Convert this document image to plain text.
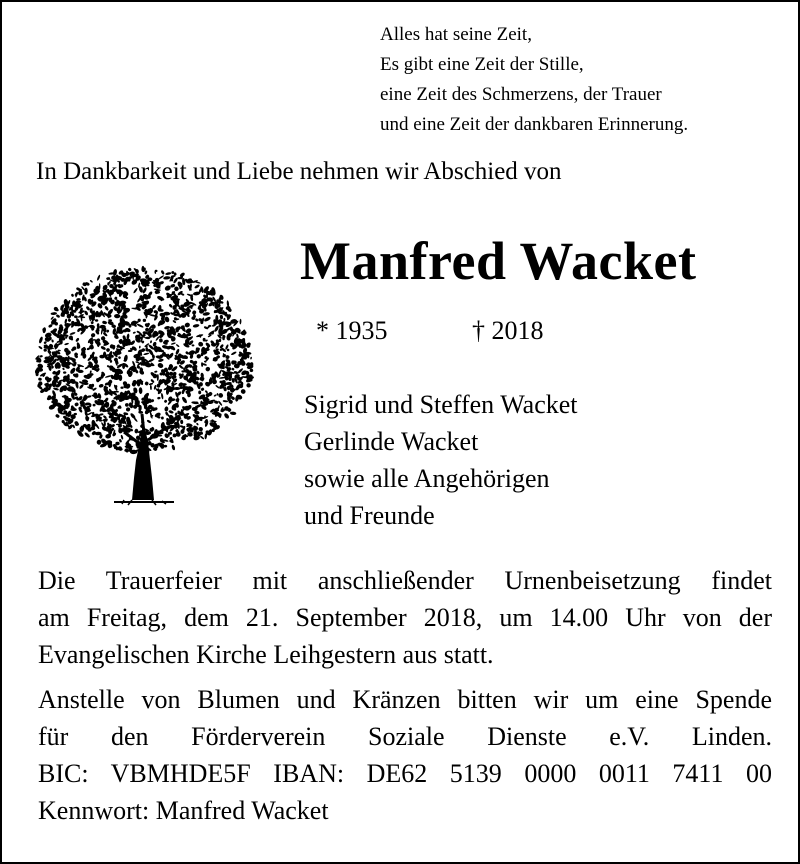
Alles hat seine Zeit,
Es gibt eine Zeit der Stille,
eine Zeit des Schmerzens, der Trauer
und eine Zeit der dankbaren Erinnerung.
In Dankbarkeit und Liebe nehmen wir Abschied von
Manfred Wacket
* 1935	† 2018
Sigrid und Steffen Wacket
Gerlinde Wacket
sowie alle Angehörigen
und Freunde
Die Trauerfeier mit anschließender Urnenbeisetzung findet
am Freitag, dem 21. September 2018, um 14.00 Uhr von der
Evangelischen Kirche Leihgestern aus statt.
Anstelle von Blumen und Kränzen bitten wir um eine Spende
für den Förderverein Soziale Dienste e.V. Linden.
BIC: VBMHDE5F IBAN: DE62 5139 0000 0011 7411 00
Kennwort: Manfred Wacket
